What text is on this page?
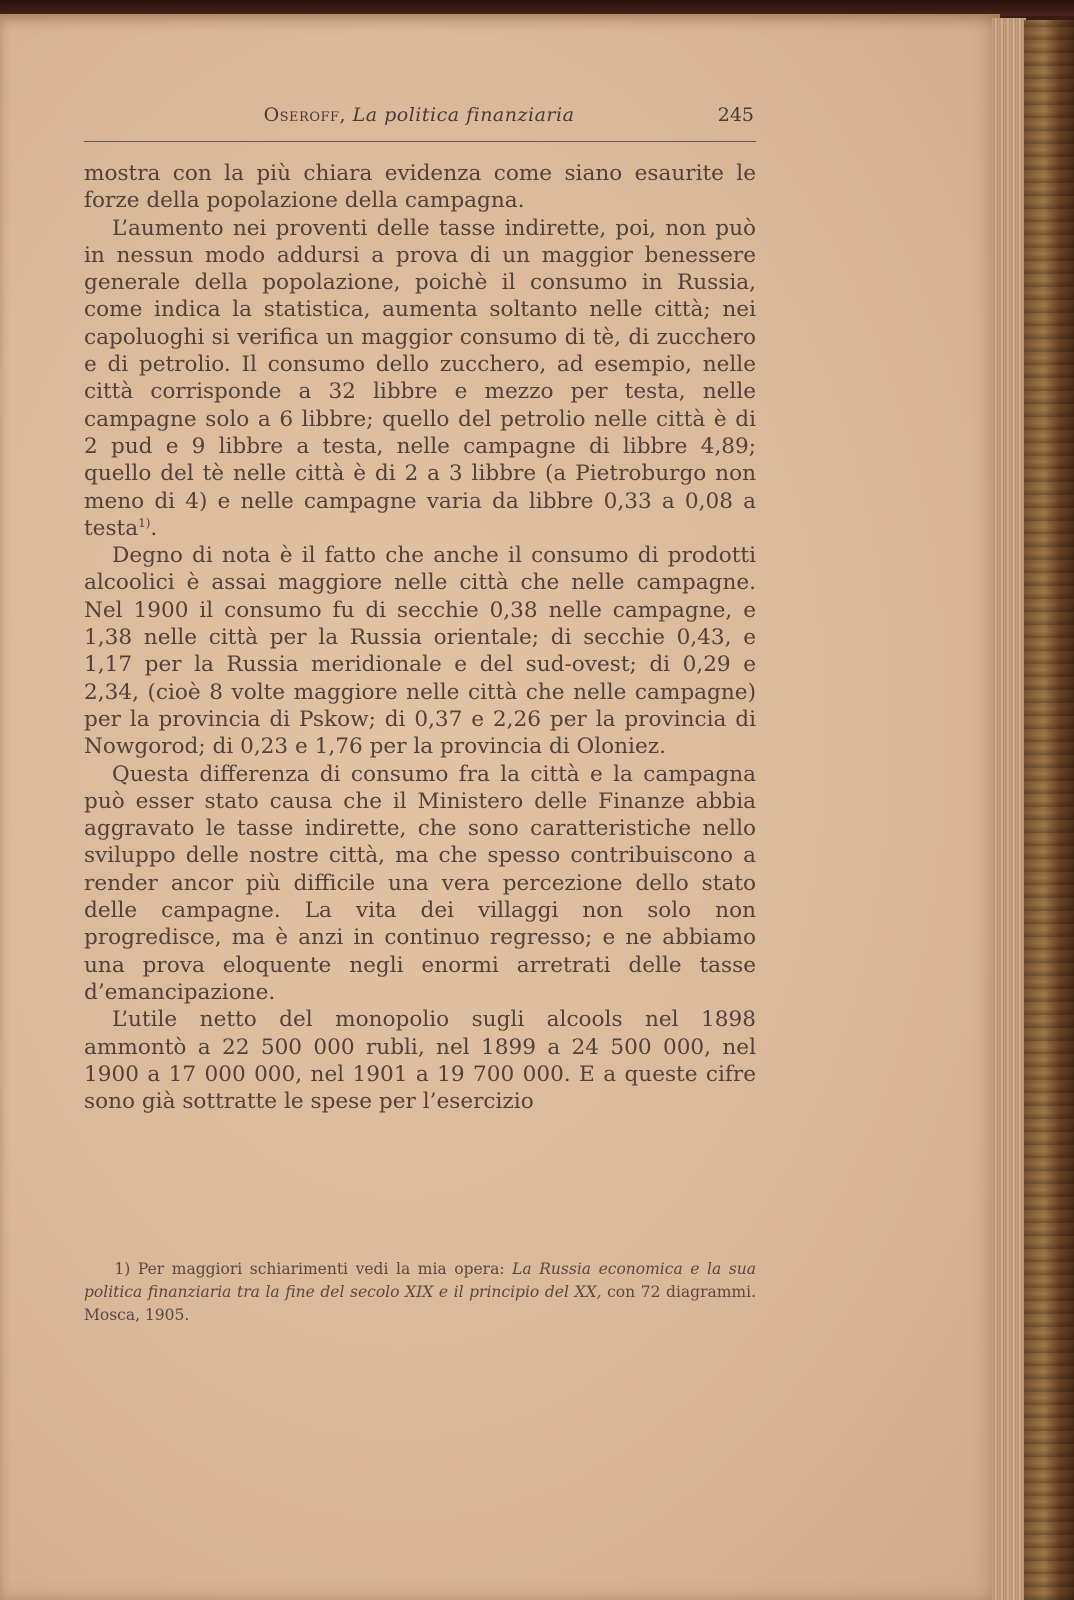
Oseroff, La politica finanziaria	245

mostra con la più chiara evidenza come siano esaurite le forze della popolazione della campagna.

L’aumento nei proventi delle tasse indirette, poi, non può in nessun modo addursi a prova di un maggior benessere generale della popolazione, poichè il consumo in Russia, come indica la statistica, aumenta soltanto nelle città; nei capoluoghi si verifica un maggior consumo di tè, di zucchero e di petrolio. Il consumo dello zucchero, ad esempio, nelle città corrisponde a 32 libbre e mezzo per testa, nelle campagne solo a 6 libbre; quello del petrolio nelle città è di 2 pud e 9 libbre a testa, nelle campagne di libbre 4,89; quello del tè nelle città è di 2 a 3 libbre (a Pietroburgo non meno di 4) e nelle campagne varia da libbre 0,33 a 0,08 a testa$^{1)}$.

Degno di nota è il fatto che anche il consumo di prodotti alcoolici è assai maggiore nelle città che nelle campagne. Nel 1900 il consumo fu di secchie 0,38 nelle campagne, e 1,38 nelle città per la Russia orientale; di secchie 0,43, e 1,17 per la Russia meridionale e del sud-ovest; di 0,29 e 2,34, (cioè 8 volte maggiore nelle città che nelle campagne) per la provincia di Pskow; di 0,37 e 2,26 per la provincia di Nowgorod; di 0,23 e 1,76 per la provincia di Oloniez.

Questa differenza di consumo fra la città e la campagna può esser stato causa che il Ministero delle Finanze abbia aggravato le tasse indirette, che sono caratteristiche nello sviluppo delle nostre città, ma che spesso contribuiscono a render ancor più difficile una vera percezione dello stato delle campagne. La vita dei villaggi non solo non progredisce, ma è anzi in continuo regresso; e ne abbiamo una prova eloquente negli enormi arretrati delle tasse d’emancipazione.

L’utile netto del monopolio sugli alcools nel 1898 ammontò a 22 500 000 rubli, nel 1899 a 24 500 000, nel 1900 a 17 000 000, nel 1901 a 19 700 000. E a queste cifre sono già sottratte le spese per l’esercizio

1) Per maggiori schiarimenti vedi la mia opera: La Russia economica e la sua politica finanziaria tra la fine del secolo XIX e il principio del XX, con 72 diagrammi. Mosca, 1905.
